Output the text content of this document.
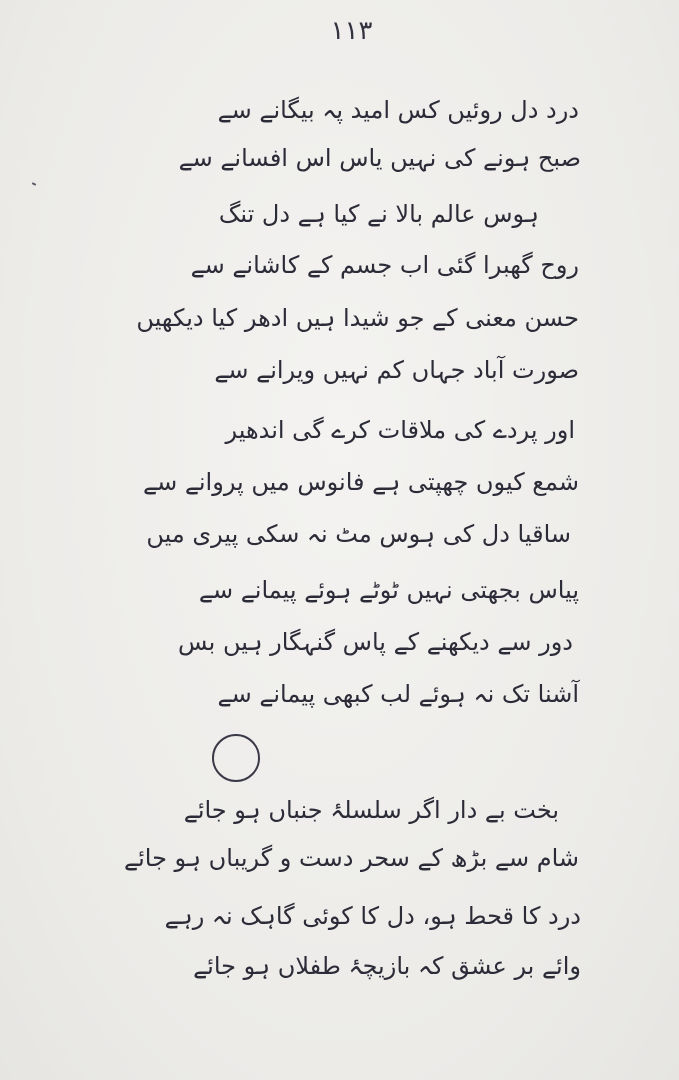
۱۱۳
درد دل روئیں کس امید پہ بیگانے سے
صبح ہونے کی نہیں یاس اس افسانے سے
ہوس عالم بالا نے کیا ہے دل تنگ
روح گھبرا گئی اب جسم کے کاشانے سے
حسن معنی کے جو شیدا ہیں ادھر کیا دیکھیں
صورت آباد جہاں کم نہیں ویرانے سے
اور پردے کی ملاقات کرے گی اندھیر
شمع کیوں چھپتی ہے فانوس میں پروانے سے
ساقیا دل کی ہوس مٹ نہ سکی پیری میں
پیاس بجھتی نہیں ٹوٹے ہوئے پیمانے سے
دور سے دیکھنے کے پاس گنہگار ہیں بس
آشنا تک نہ ہوئے لب کبھی پیمانے سے
بخت بے دار اگر سلسلۂ جنباں ہو جائے
شام سے بڑھ کے سحر دست و گریباں ہو جائے
درد کا قحط ہو، دل کا کوئی گاہک نہ رہے
وائے بر عشق کہ بازیچۂ طفلاں ہو جائے
